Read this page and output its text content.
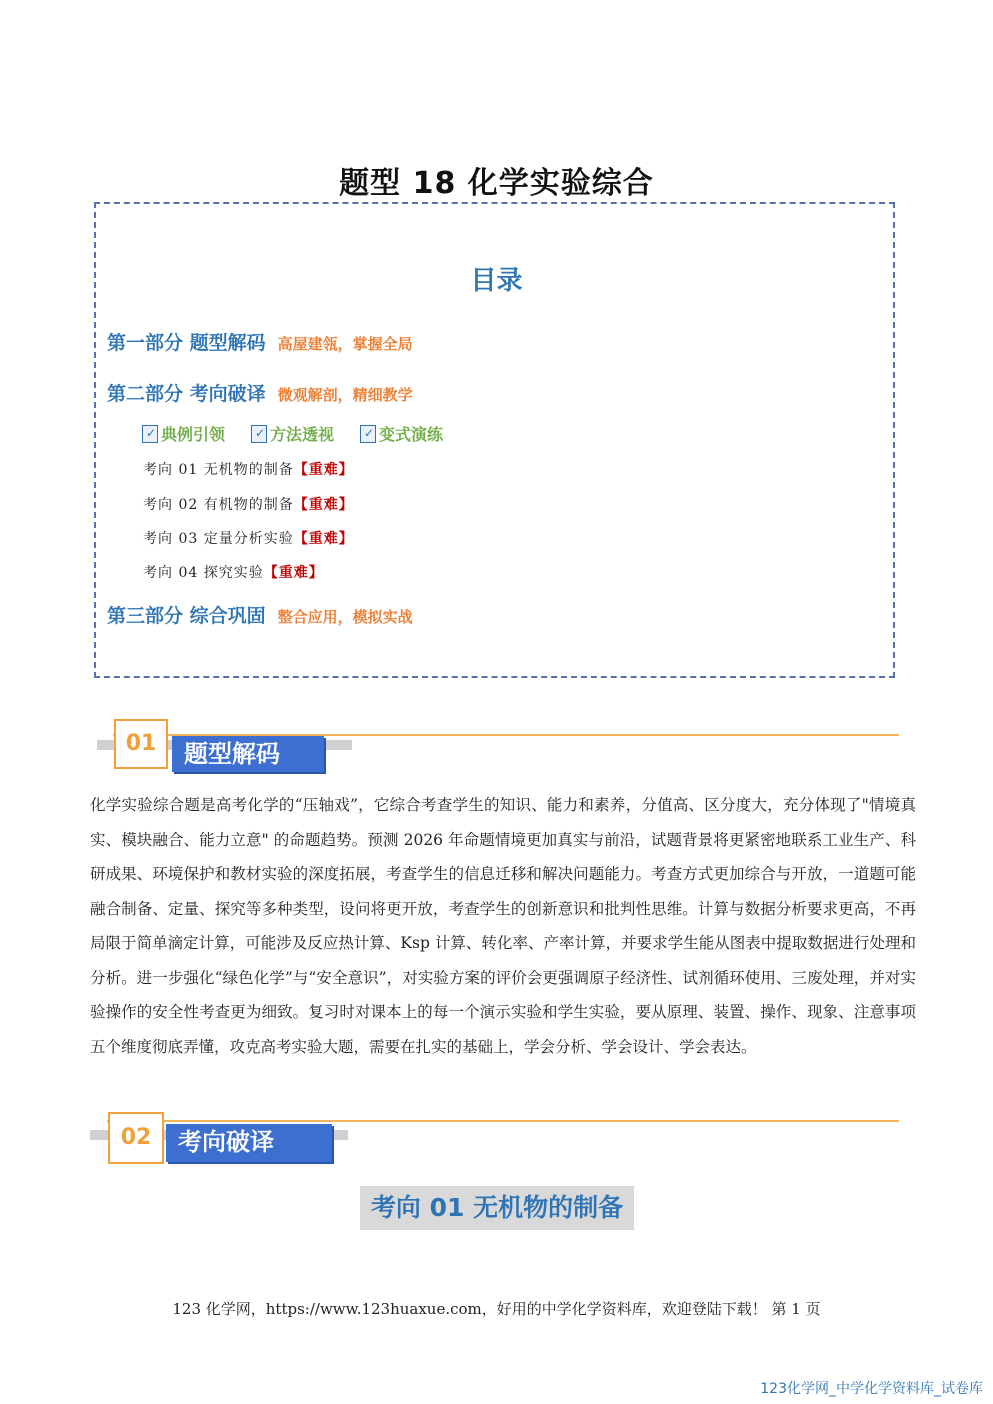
题型 18 化学实验综合
目录
第一部分 题型解码 高屋建瓴，掌握全局
第二部分 考向破译 微观解剖，精细教学
✓
典例引领 ✓	方法透视 ✓	变式演练
考向 01 无机物的制备【重难】
考向 02 有机物的制备【重难】
考向 03 定量分析实验【重难】
考向 04 探究实验【重难】
第三部分 综合巩固 整合应用，模拟实战
题型解码
01
化学实验综合题是高考化学的“压轴戏”，它综合考查学生的知识、能力和素养，分值高、区分度大，充分体现了"情境真实、模块融合、能力立意" 的命题趋势。预测 2026 年命题情境更加真实与前沿，试题背景将更紧密地联系工业生产、科研成果、环境保护和教材实验的深度拓展，考查学生的信息迁移和解决问题能力。考查方式更加综合与开放，一道题可能融合制备、定量、探究等多种类型，设问将更开放，考查学生的创新意识和批判性思维。计算与数据分析要求更高，不再局限于简单滴定计算，可能涉及反应热计算、Ksp 计算、转化率、产率计算，并要求学生能从图表中提取数据进行处理和分析。进一步强化“绿色化学”与“安全意识”，对实验方案的评价会更强调原子经济性、试剂循环使用、三废处理，并对实验操作的安全性考查更为细致。复习时对课本上的每一个演示实验和学生实验，要从原理、装置、操作、现象、注意事项五个维度彻底弄懂，攻克高考实验大题，需要在扎实的基础上，学会分析、学会设计、学会表达。
考向破译
02
考向 01 无机物的制备
123 化学网，https://www.123huaxue.com，好用的中学化学资料库，欢迎登陆下载！ 第 1 页
123化学网_中学化学资料库_试卷库
